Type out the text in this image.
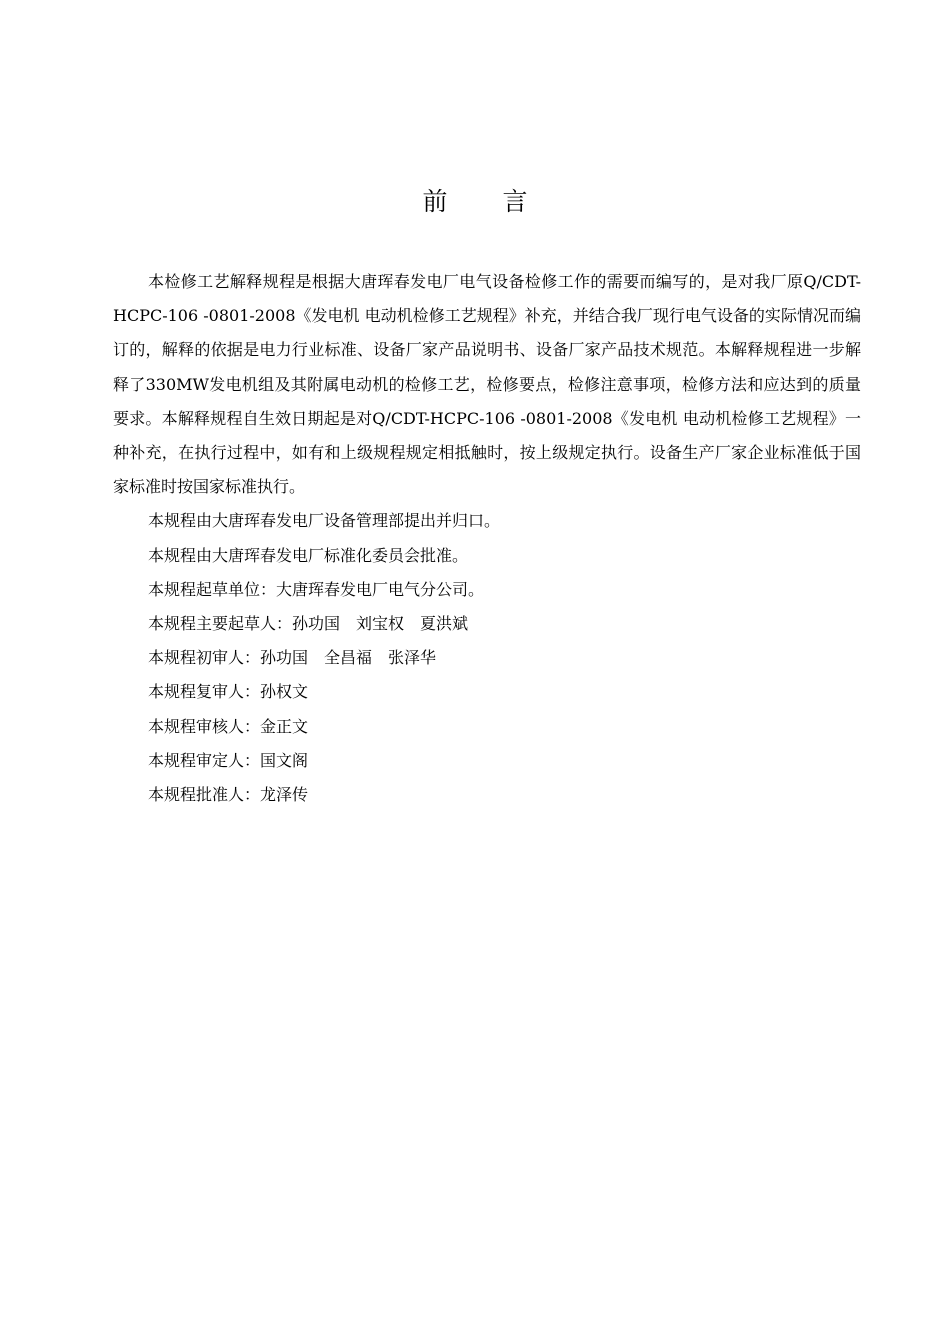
前言

本检修工艺解释规程是根据大唐珲春发电厂电气设备检修工作的需要而编写的，是对我厂原Q/CDT-HCPC-106 -0801-2008《发电机 电动机检修工艺规程》补充，并结合我厂现行电气设备的实际情况而编订的，解释的依据是电力行业标准、设备厂家产品说明书、设备厂家产品技术规范。本解释规程进一步解释了330MW发电机组及其附属电动机的检修工艺，检修要点，检修注意事项，检修方法和应达到的质量要求。本解释规程自生效日期起是对Q/CDT-HCPC-106 -0801-2008《发电机 电动机检修工艺规程》一种补充，在执行过程中，如有和上级规程规定相抵触时，按上级规定执行。设备生产厂家企业标准低于国家标准时按国家标准执行。

本规程由大唐珲春发电厂设备管理部提出并归口。

本规程由大唐珲春发电厂标准化委员会批准。

本规程起草单位：大唐珲春发电厂电气分公司。

本规程主要起草人：孙功国 刘宝权 夏洪斌

本规程初审人：孙功国 全昌福 张泽华

本规程复审人：孙权文

本规程审核人：金正文

本规程审定人：国文阁

本规程批准人：龙泽传
